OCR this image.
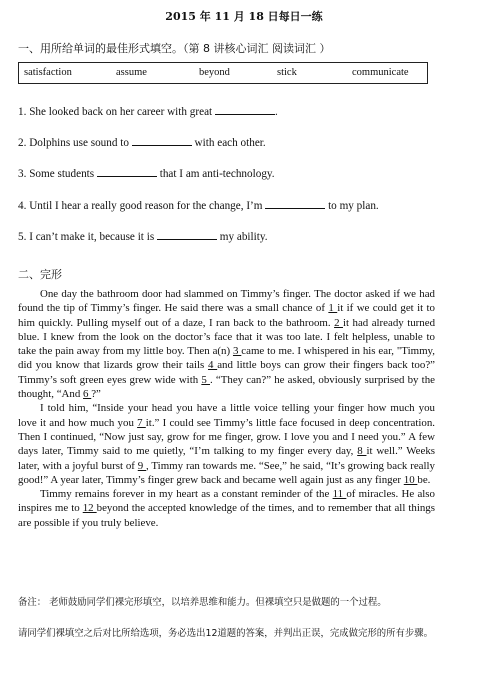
2015 年 11 月 18 日每日一练
一、用所给单词的最佳形式填空。（第 8 讲核心词汇 阅读词汇 ）
satisfaction	assume	beyond	stick	communicate
1. She looked back on her career with great	.
2. Dolphins use sound to	with each other.
3. Some students	that I am anti-technology.
4. Until I hear a really good reason for the change, I’m	to my plan.
5. I can’t make it, because it is	my ability.
二、完形

One day the bathroom door had slammed on Timmy’s finger. The doctor asked if we had found the tip of Timmy’s finger. He said there was a small chance of 1 it if we could get it to him quickly. Pulling myself out of a daze, I ran back to the bathroom. 2 it had already turned blue. I knew from the look on the doctor’s face that it was too late. I felt helpless, unable to take the pain away from my little boy. Then a(n) 3 came to me. I whispered in his ear, "Timmy, did you know that lizards grow their tails 4 and little boys can grow their fingers back too?” Timmy’s soft green eyes grew wide with 5 . “They can?” he asked, obviously surprised by the thought, “And 6 ?”

I told him, “Inside your head you have a little voice telling your finger how much you love it and how much you 7 it.” I could see Timmy’s little face focused in deep concentration. Then I continued, “Now just say, grow for me finger, grow. I love you and I need you.” A few days later, Timmy said to me quietly, “I’m talking to my finger every day, 8 it well.” Weeks later, with a joyful burst of 9 , Timmy ran towards me. “See,” he said, “It’s growing back really good!” A year later, Timmy’s finger grew back and became well again just as any finger 10 be.

Timmy remains forever in my heart as a constant reminder of the 11 of miracles. He also inspires me to 12 beyond the accepted knowledge of the times, and to remember that all things are possible if you truly believe.

备注： 老师鼓励同学们裸完形填空，以培养思维和能力。但裸填空只是做题的一个过程。
请同学们裸填空之后对比所给选项，务必选出12道题的答案，并判出正误，完成做完形的所有步骤。
